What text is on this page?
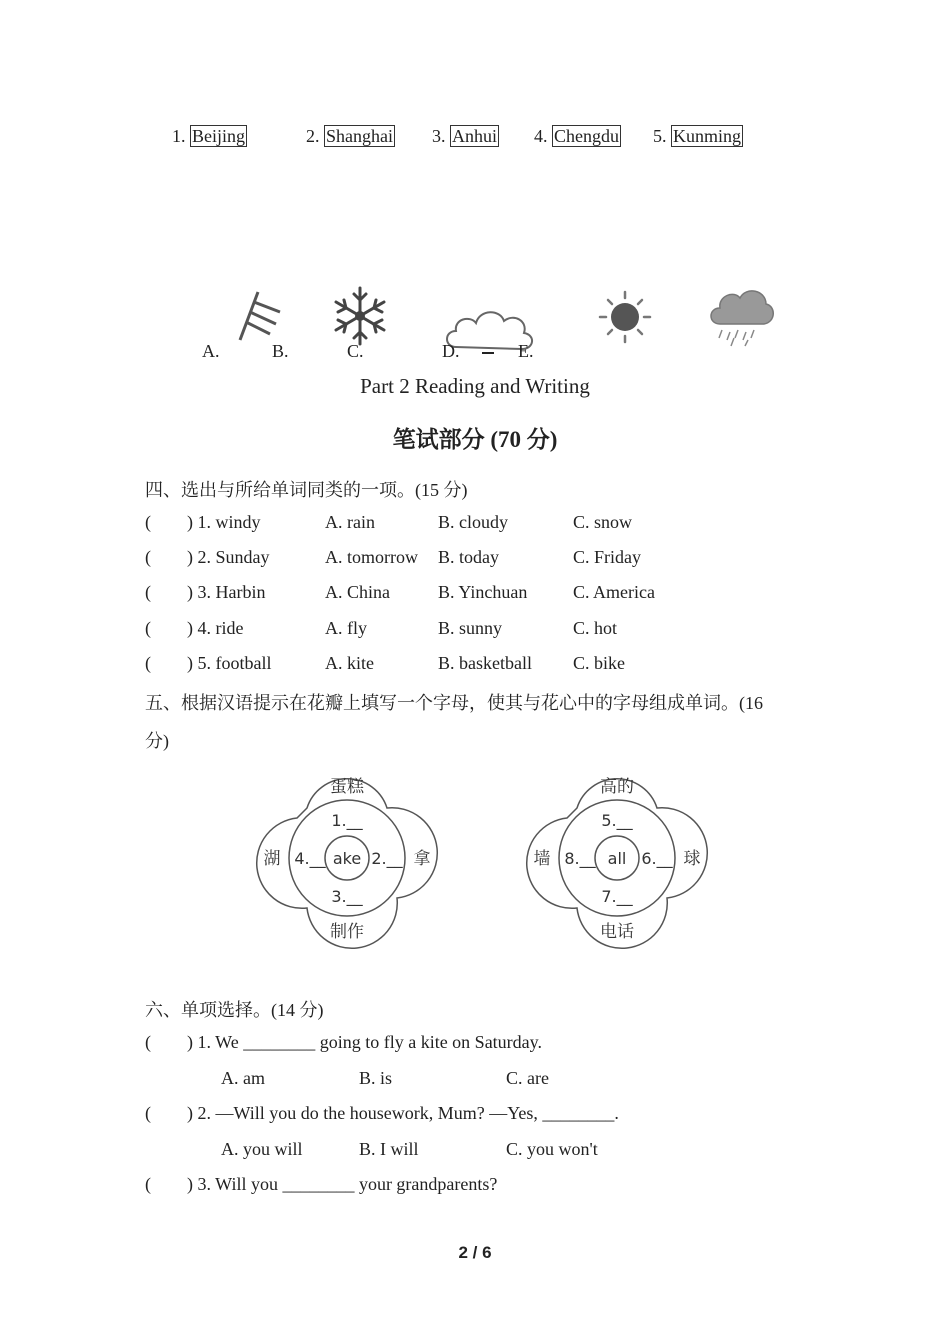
1. Beijing	2. Shanghai 3. Anhui 4. Chengdu 5. Kunming
A.	B.	C.	D.	E.
Part 2 Reading and Writing
笔试部分 (70 分)
四、选出与所给单词同类的一项。(15 分)
( ) 1. windy	A. rain	B. cloudy	C. snow
( ) 2. Sunday	A. tomorrow B. today	C. Friday
( ) 3. Harbin	A. China	B. Yinchuan	C. America
( ) 4. ride	A. fly	B. sunny	C. hot
( ) 5. football	A. kite	B. basketball C. bike
五、根据汉语提示在花瓣上填写一个字母，使其与花心中的字母组成单词。(16
分)
蛋糕
湖	拿
制作
1.__
4.__	2.__
3.__
ake
高的
墙	球
电话
5.__
8.__	6.__
7.__
all
六、单项选择。(14 分)
( ) 1. We ________ going to fly a kite on Saturday.
A. am	B. is	C. are
( ) 2. —Will you do the housework, Mum? —Yes, ________.
A. you will	B. I will	C. you won't
( ) 3. Will you ________ your grandparents?
2 / 6
